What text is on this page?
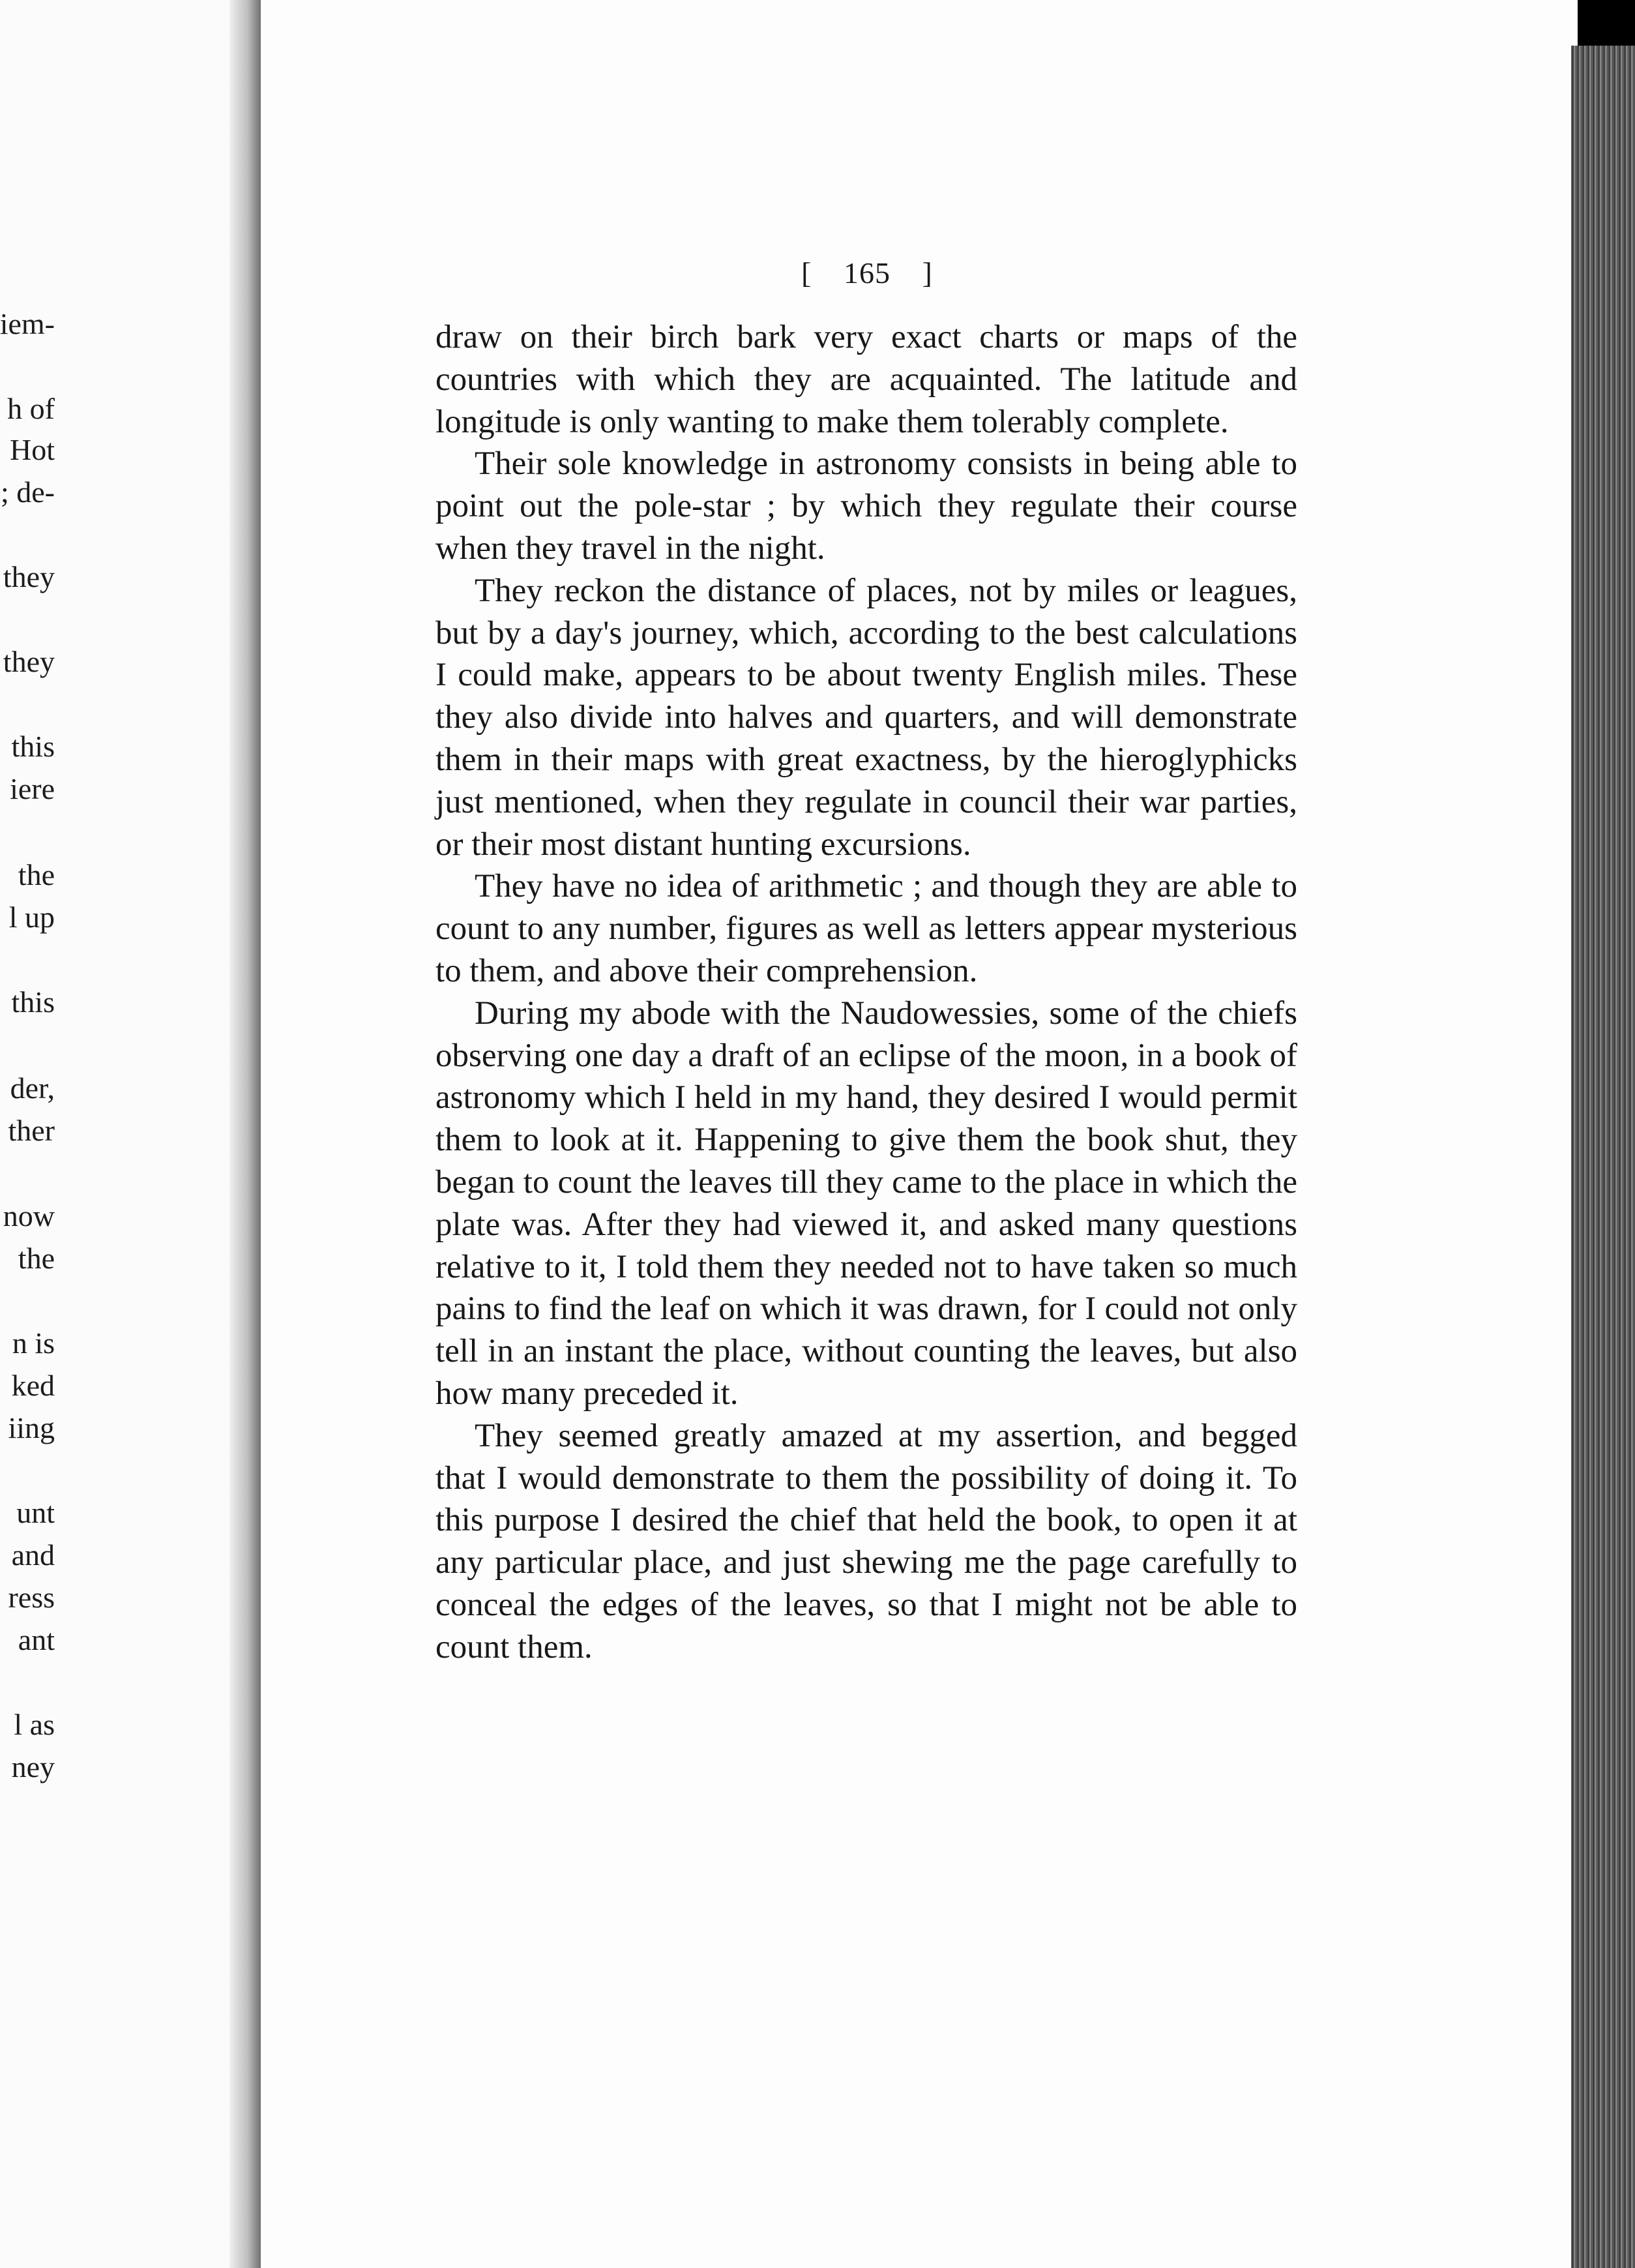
iem-
h of
Hot
; de-
they
they
this
iere
the
l up
this
der,
ther
now
the
n is
ked
iing
unt
and
ress
ant
l as
ney
[ 165 ]

draw on their birch bark very exact charts or maps of the countries with which they are acquainted. The latitude and longitude is only wanting to make them tolerably complete.

Their sole knowledge in astronomy consists in being able to point out the pole-star ; by which they regulate their course when they travel in the night.

They reckon the distance of places, not by miles or leagues, but by a day's journey, which, according to the best calculations I could make, appears to be about twenty English miles. These they also divide into halves and quarters, and will demonstrate them in their maps with great exactness, by the hieroglyphicks just mentioned, when they regulate in council their war parties, or their most distant hunting excursions.

They have no idea of arithmetic ; and though they are able to count to any number, figures as well as letters appear mysterious to them, and above their comprehension.

During my abode with the Naudowessies, some of the chiefs observing one day a draft of an eclipse of the moon, in a book of astronomy which I held in my hand, they desired I would permit them to look at it. Happening to give them the book shut, they began to count the leaves till they came to the place in which the plate was. After they had viewed it, and asked many questions relative to it, I told them they needed not to have taken so much pains to find the leaf on which it was drawn, for I could not only tell in an instant the place, without counting the leaves, but also how many preceded it.

They seemed greatly amazed at my assertion, and begged that I would demonstrate to them the possibility of doing it. To this purpose I desired the chief that held the book, to open it at any particular place, and just shewing me the page carefully to conceal the edges of the leaves, so that I might not be able to count them.
